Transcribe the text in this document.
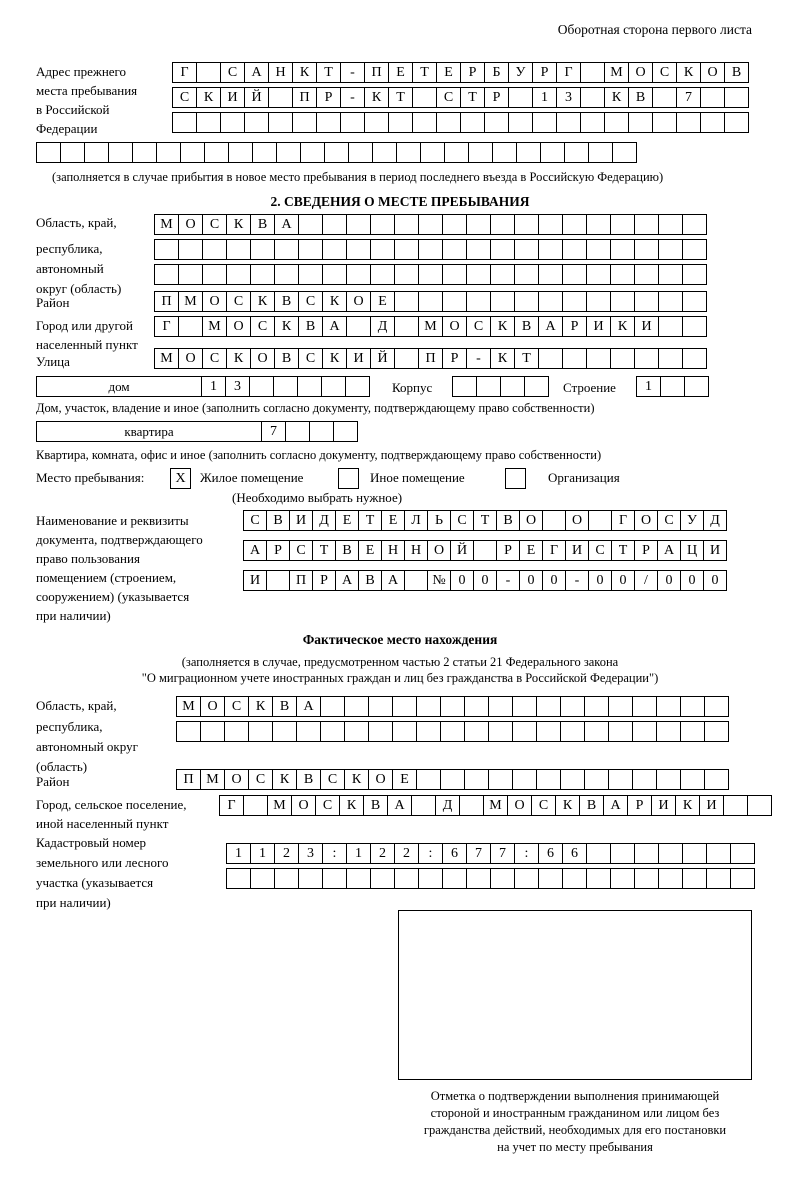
Оборотная сторона первого листа
Адрес прежнего
места пребывания
в Российской
Федерации
Г	С	А Н	К	Т	-	П	Е	Т	Е	Р	Б	У	Р	Г	М О	С	К	О	В
С	К	И Й	П	Р	-	К	Т	С	Т	Р	1	3	К	В	7
(заполняется в случае прибытия в новое место пребывания в период последнего въезда в Российскую Федерацию)
2. СВЕДЕНИЯ О МЕСТЕ ПРЕБЫВАНИЯ
Область, край,
республика,
автономный
округ (область)
М О	С	К	В	А
Район	П М О	С	К	В	С	К	О	Е
Город или другой
населенный пункт
Г	М О	С	К	В	А	Д	М О	С	К	В	А	Р	И	К	И
Улица	М О	С	К	О	В	С	К	И Й	П	Р	-	К	Т
дом	1	3	Корпус	Строение	1
Дом, участок, владение и иное (заполнить согласно документу, подтверждающему право собственности)
квартира	7
Квартира, комната, офис и иное (заполнить согласно документу, подтверждающему право собственности)
Место пребывания:	X	Жилое помещение	Иное помещение	Организация
(Необходимо выбрать нужное)
Наименование и реквизиты
документа, подтверждающего
право пользования
помещением (строением,
сооружением) (указывается
при наличии)
С В И Д Е	Т	Е Л	Ь	С	Т	В О	О	Г О С У Д
А	Р	С	Т	В	Е Н Н О Й	Р	Е	Г И С	Т	Р	А Ц И
И	П	Р	А В А	№ 0	0	-	0	0	-	0	0	/	0	0	0
Фактическое место нахождения
(заполняется в случае, предусмотренном частью 2 статьи 21 Федерального закона
"О миграционном учете иностранных граждан и лиц без гражданства в Российской Федерации")
Область, край,
республика,
автономный округ
(область)
М О	С	К	В	А
Район	П М О	С	К	В	С	К	О	Е
Город, сельское поселение,
иной населенный пункт
Г	М О	С	К	В	А	Д	М О	С	К	В	А	Р	И	К	И
Кадастровый номер
земельного или лесного
участка (указывается
при наличии)
1	1	2	3	:	1	2	2	:	6	7	7	:	6	6
Отметка о подтверждении выполнения принимающей
стороной и иностранным гражданином или лицом без
гражданства действий, необходимых для его постановки
на учет по месту пребывания
